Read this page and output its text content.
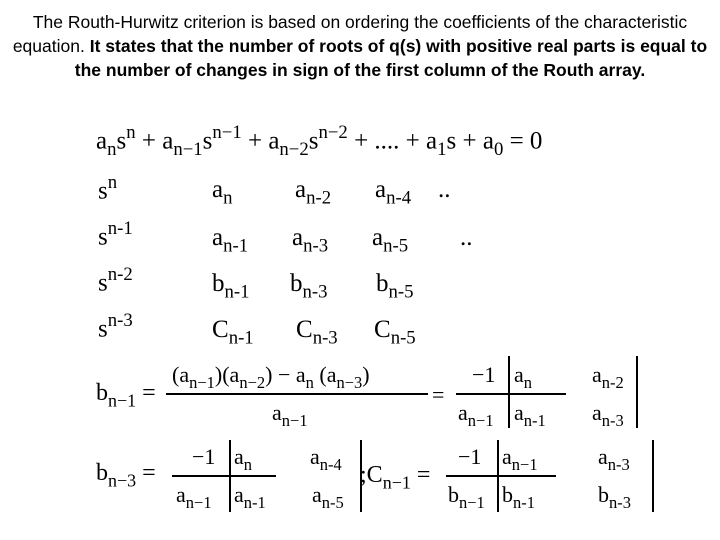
The Routh-Hurwitz criterion is based on ordering the coefficients of the characteristic equation. It states that the number of roots of q(s) with positive real parts is equal to the number of changes in sign of the first column of the Routh array.
$a_ns^n + a_{n-1}s^{n-1} + a_{n-2}s^{n-2}$ + .... + $a_1s + a_0 = 0$
$s^n$	$a_n$	$a_{n-2}$ $a_{n-4}$ ..
$s^{n-1}$	$a_{n-1}$ $a_{n-3}$ $a_{n-5}$ ..
$s^{n-2}$	$b_{n-1}$ $b_{n-3}$ $b_{n-5}$
$s^{n-3}$	$C_{n-1}$ $C_{n-3}$ $C_{n-5}$
$b_{n-1}$ =
$(a_{n-1})(a_{n-2}) - a_n$ $(a_{n-3})$
$a_{n-1}$
=
−1 $a_n$	$a_{n-2}$
$a_{n-1}$ $a_{n-1}$ $a_{n-3}$
$b_{n-3}$ =
−1 $a_n$	$a_{n-4}$
$a_{n-1}$ $a_{n-1}$ $a_{n-5}$
$;C_{n-1}$ =
−1 $a_{n-1}$	$a_{n-3}$
$b_{n-1}$ $b_{n-1}$	$b_{n-3}$
